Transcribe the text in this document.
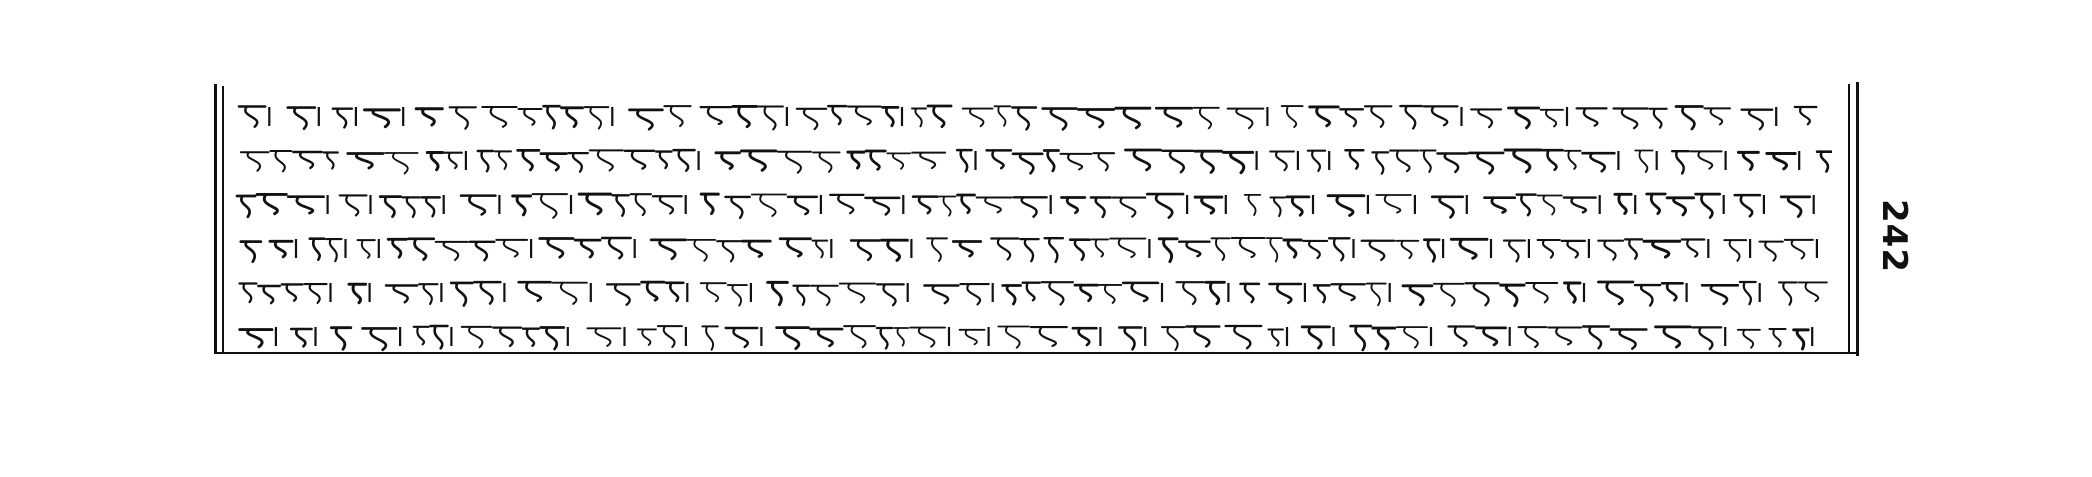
242
